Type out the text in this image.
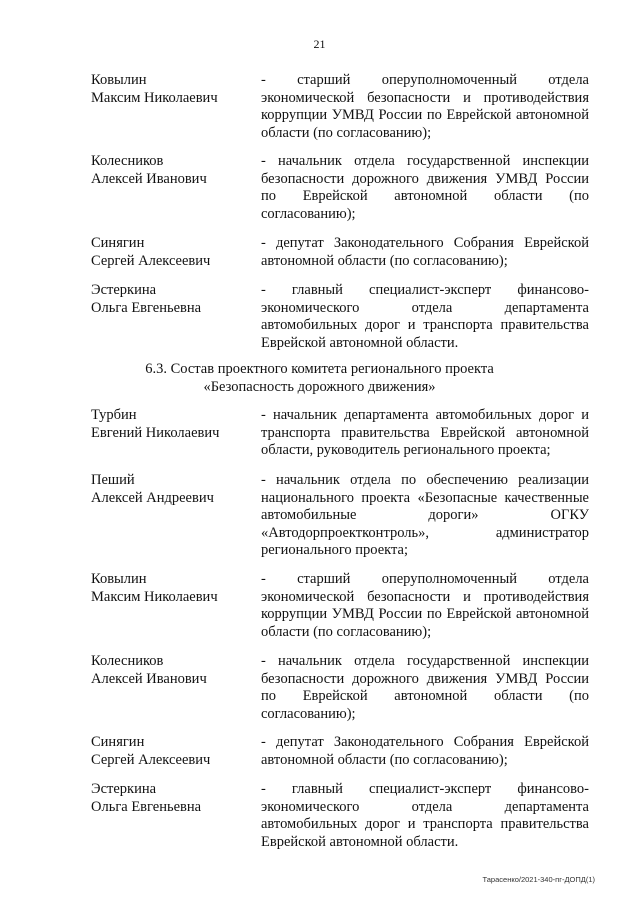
21
Ковылин
Максим Николаевич
- старший оперуполномоченный отдела экономической безопасности и противодействия коррупции УМВД России по Еврейской автономной области (по согласованию);
Колесников
Алексей Иванович
- начальник отдела государственной инспекции безопасности дорожного движения УМВД России по Еврейской автономной области (по согласованию);
Синягин
Сергей Алексеевич
- депутат Законодательного Собрания Еврейской автономной области (по согласованию);
Эстеркина
Ольга Евгеньевна
- главный специалист-эксперт финансово-экономического отдела департамента автомобильных дорог и транспорта правительства Еврейской автономной области.
6.3. Состав проектного комитета регионального проекта
«Безопасность дорожного движения»
Турбин
Евгений Николаевич
- начальник департамента автомобильных дорог и транспорта правительства Еврейской автономной области, руководитель регионального проекта;
Пеший
Алексей Андреевич
- начальник отдела по обеспечению реализации национального проекта «Безопасные качественные автомобильные дороги» ОГКУ «Автодорпроектконтроль», администратор регионального проекта;
Ковылин
Максим Николаевич
- старший оперуполномоченный отдела экономической безопасности и противодействия коррупции УМВД России по Еврейской автономной области (по согласованию);
Колесников
Алексей Иванович
- начальник отдела государственной инспекции безопасности дорожного движения УМВД России по Еврейской автономной области (по согласованию);
Синягин
Сергей Алексеевич
- депутат Законодательного Собрания Еврейской автономной области (по согласованию);
Эстеркина
Ольга Евгеньевна
- главный специалист-эксперт финансово-экономического отдела департамента автомобильных дорог и транспорта правительства Еврейской автономной области.
Тарасенко/2021-340-пг-ДОПД(1)
